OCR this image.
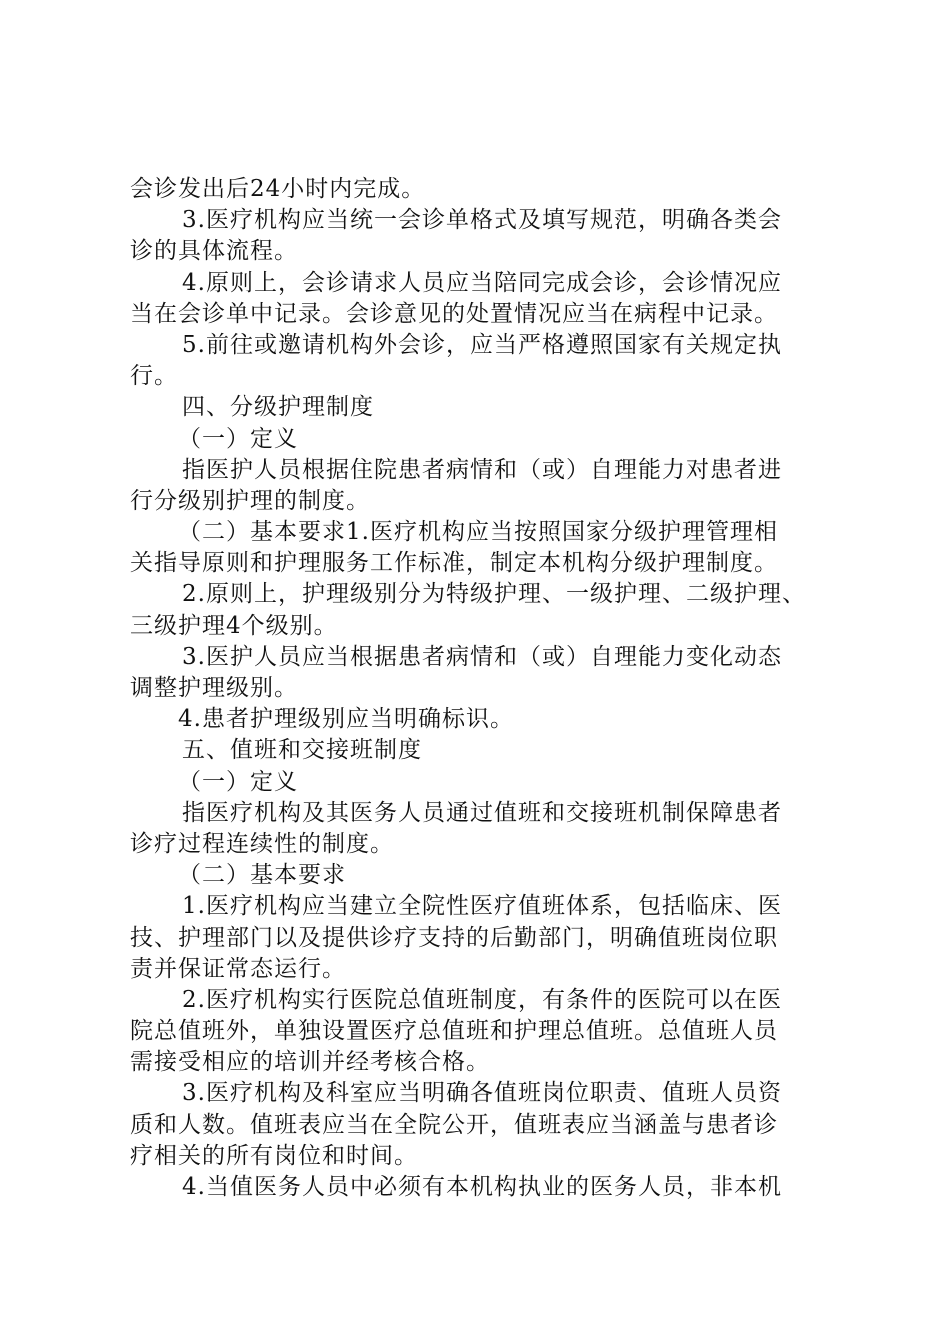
会诊发出后24小时内完成。
3.医疗机构应当统一会诊单格式及填写规范，明确各类会
诊的具体流程。
4.原则上，会诊请求人员应当陪同完成会诊，会诊情况应
当在会诊单中记录。会诊意见的处置情况应当在病程中记录。
5.前往或邀请机构外会诊，应当严格遵照国家有关规定执
行。
四、分级护理制度
（一）定义
指医护人员根据住院患者病情和（或）自理能力对患者进
行分级别护理的制度。
（二）基本要求1.医疗机构应当按照国家分级护理管理相
关指导原则和护理服务工作标准，制定本机构分级护理制度。
2.原则上，护理级别分为特级护理、一级护理、二级护理、
三级护理4个级别。
3.医护人员应当根据患者病情和（或）自理能力变化动态
调整护理级别。
4.患者护理级别应当明确标识。
五、值班和交接班制度
（一）定义
指医疗机构及其医务人员通过值班和交接班机制保障患者
诊疗过程连续性的制度。
（二）基本要求
1.医疗机构应当建立全院性医疗值班体系，包括临床、医
技、护理部门以及提供诊疗支持的后勤部门，明确值班岗位职
责并保证常态运行。
2.医疗机构实行医院总值班制度，有条件的医院可以在医
院总值班外，单独设置医疗总值班和护理总值班。总值班人员
需接受相应的培训并经考核合格。
3.医疗机构及科室应当明确各值班岗位职责、值班人员资
质和人数。值班表应当在全院公开，值班表应当涵盖与患者诊
疗相关的所有岗位和时间。
4.当值医务人员中必须有本机构执业的医务人员，非本机
